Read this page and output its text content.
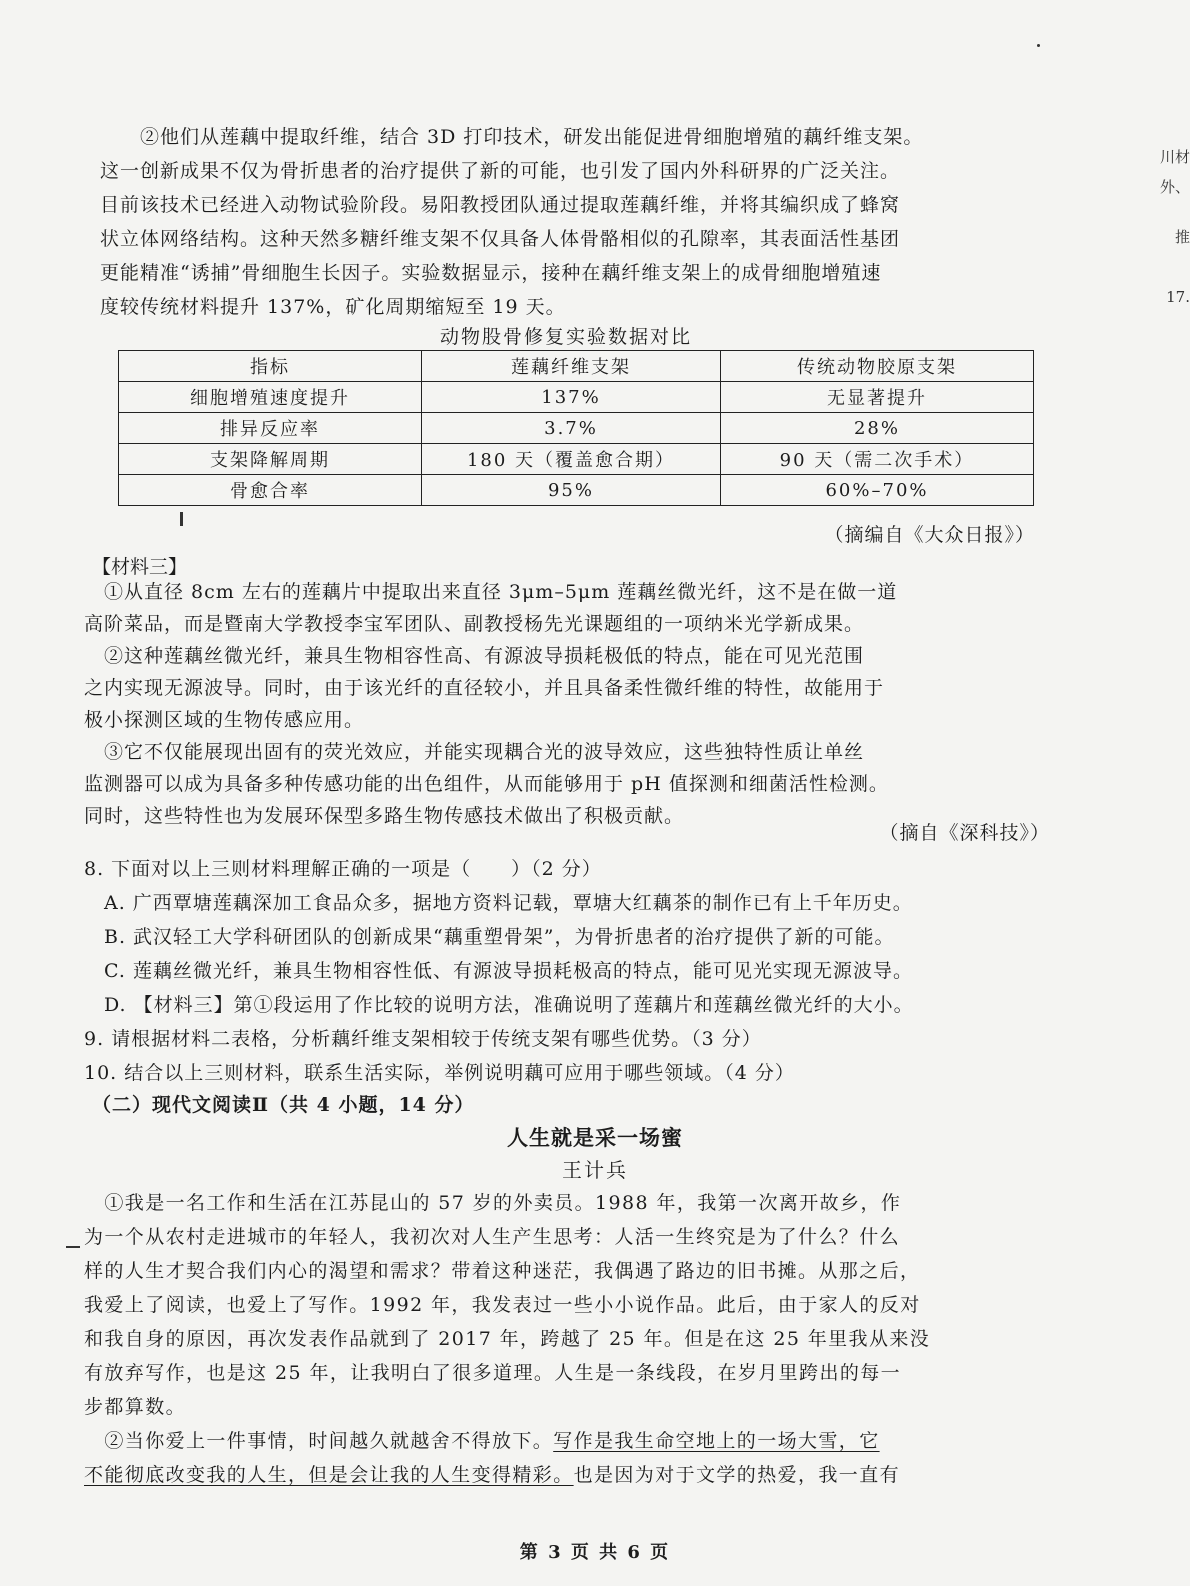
②他们从莲藕中提取纤维，结合 3D 打印技术，研发出能促进骨细胞增殖的藕纤维支架。
这一创新成果不仅为骨折患者的治疗提供了新的可能，也引发了国内外科研界的广泛关注。
目前该技术已经进入动物试验阶段。易阳教授团队通过提取莲藕纤维，并将其编织成了蜂窝
状立体网络结构。这种天然多糖纤维支架不仅具备人体骨骼相似的孔隙率，其表面活性基团
更能精准“诱捕”骨细胞生长因子。实验数据显示，接种在藕纤维支架上的成骨细胞增殖速
度较传统材料提升 137%，矿化周期缩短至 19 天。
动物股骨修复实验数据对比
指标	莲藕纤维支架	传统动物胶原支架
细胞增殖速度提升	137%	无显著提升
排异反应率	3.7%	28%
支架降解周期	180 天（覆盖愈合期）	90 天（需二次手术）
骨愈合率	95%	60%–70%
（摘编自《大众日报》）
【材料三】
　①从直径 8cm 左右的莲藕片中提取出来直径 3μm–5μm 莲藕丝微光纤，这不是在做一道
高阶菜品，而是暨南大学教授李宝军团队、副教授杨先光课题组的一项纳米光学新成果。
　②这种莲藕丝微光纤，兼具生物相容性高、有源波导损耗极低的特点，能在可见光范围
之内实现无源波导。同时，由于该光纤的直径较小，并且具备柔性微纤维的特性，故能用于
极小探测区域的生物传感应用。
　③它不仅能展现出固有的荧光效应，并能实现耦合光的波导效应，这些独特性质让单丝
监测器可以成为具备多种传感功能的出色组件，从而能够用于 pH 值探测和细菌活性检测。
同时，这些特性也为发展环保型多路生物传感技术做出了积极贡献。
（摘自《深科技》）
8. 下面对以上三则材料理解正确的一项是（　　）（2 分）
A. 广西覃塘莲藕深加工食品众多，据地方资料记载，覃塘大红藕茶的制作已有上千年历史。
B. 武汉轻工大学科研团队的创新成果“藕重塑骨架”，为骨折患者的治疗提供了新的可能。
C. 莲藕丝微光纤，兼具生物相容性低、有源波导损耗极高的特点，能可见光实现无源波导。
D. 【材料三】第①段运用了作比较的说明方法，准确说明了莲藕片和莲藕丝微光纤的大小。
9. 请根据材料二表格，分析藕纤维支架相较于传统支架有哪些优势。（3 分）
10. 结合以上三则材料，联系生活实际，举例说明藕可应用于哪些领域。（4 分）
（二）现代文阅读Ⅱ（共 4 小题，14 分）
人生就是采一场蜜
王计兵
　①我是一名工作和生活在江苏昆山的 57 岁的外卖员。1988 年，我第一次离开故乡，作
为一个从农村走进城市的年轻人，我初次对人生产生思考：人活一生终究是为了什么？什么
样的人生才契合我们内心的渴望和需求？带着这种迷茫，我偶遇了路边的旧书摊。从那之后，
我爱上了阅读，也爱上了写作。1992 年，我发表过一些小小说作品。此后，由于家人的反对
和我自身的原因，再次发表作品就到了 2017 年，跨越了 25 年。但是在这 25 年里我从来没
有放弃写作，也是这 25 年，让我明白了很多道理。人生是一条线段，在岁月里跨出的每一
步都算数。
　②当你爱上一件事情，时间越久就越舍不得放下。写作是我生命空地上的一场大雪，它
不能彻底改变我的人生，但是会让我的人生变得精彩。也是因为对于文学的热爱，我一直有
第 3 页 共 6 页
川材
外、
推
17.
